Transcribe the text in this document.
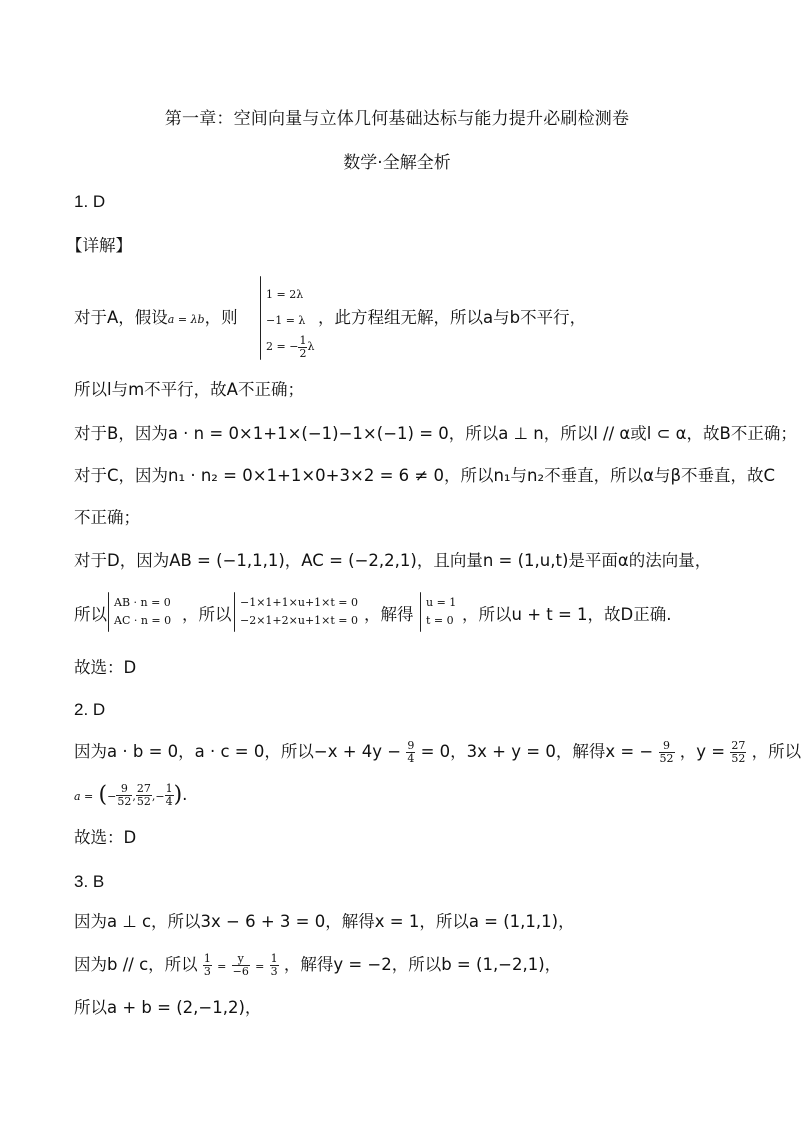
第一章：空间向量与立体几何基础达标与能力提升必刷检测卷
数学·全解全析
1. D
【详解】
对于A，假设a = λb，则
1 = 2λ
−1 = λ
2 = − $\frac{1}{2}$ λ
，此方程组无解，所以a与b不平行，
所以l与m不平行，故A不正确；
对于B，因为a · n = 0×1+1×(−1)−1×(−1) = 0，所以a ⊥ n，所以l // α或l ⊂ α，故B不正确；
对于C，因为n₁ · n₂ = 0×1+1×0+3×2 = 6 ≠ 0，所以n₁与n₂不垂直，所以α与β不垂直，故C
不正确；
对于D，因为AB = (−1,1,1)，AC = (−2,2,1)，且向量n = (1,u,t)是平面α的法向量，
所以
AB · n = 0
AC · n = 0 ，所以
−1×1+1×u+1×t = 0
−2×1+2×u+1×t = 0 ，解得
u = 1
t = 0 ，所以u + t = 1，故D正确.
故选：D
2. D
因为a · b = 0，a · c = 0，所以$-x + 4y - \frac{9}{4} = 0$，3x + y = 0，解得x = − $\frac{9}{52}$ ，$y = \frac{27}{52}$ ，所以
a = (− $\frac{9}{52}$ , $\frac{27}{52}$ ,− $\frac{1}{4}$ ).
故选：D
3. B
因为a ⊥ c，所以3x − 6 + 3 = 0，解得x = 1，所以a = (1,1,1)，
因为b // c，所以 $\frac{1}{3} = \frac{y}{-6} = \frac{1}{3}$ ，解得y = −2，所以b = (1,−2,1)，
所以a + b = (2,−1,2)，
